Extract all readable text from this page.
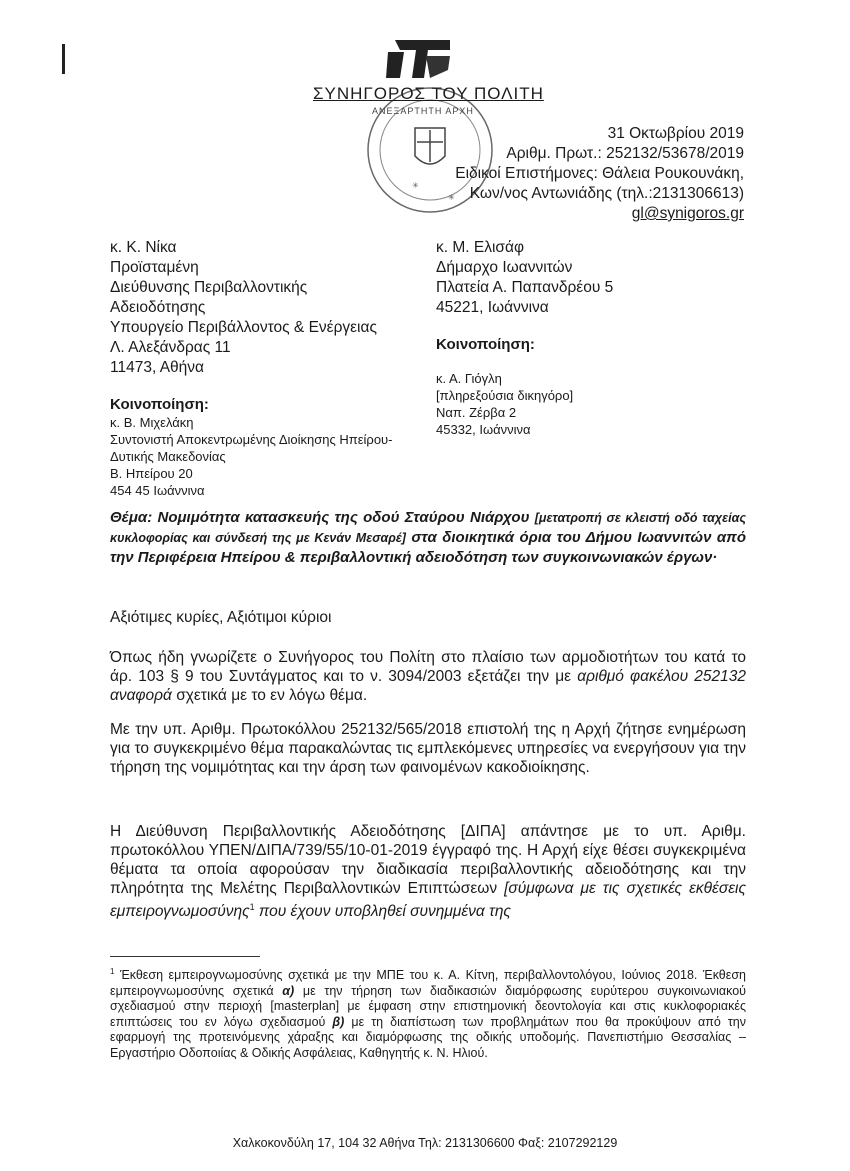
✳
✳
ΑΝΕΞΑΡΤΗΤΗ ΑΡΧΗ
ΣΥΝΗΓΟΡΟΣ ΤΟΥ ΠΟΛΙΤΗ
31 Οκτωβρίου 2019
Αριθμ. Πρωτ.: 252132/53678/2019
Ειδικοί Επιστήμονες: Θάλεια Ρουκουνάκη,
Κων/νος Αντωνιάδης (τηλ.:2131306613)
gl@synigoros.gr
κ. Κ. Νίκα
Προϊσταμένη
Διεύθυνσης Περιβαλλοντικής
Αδειοδότησης
Υπουργείο Περιβάλλοντος & Ενέργειας
Λ. Αλεξάνδρας 11
11473, Αθήνα
κ. Μ. Ελισάφ
Δήμαρχο Ιωαννιτών
Πλατεία Α. Παπανδρέου 5
45221, Ιωάννινα
Κοινοποίηση:
κ. Α. Γιόγλη
[πληρεξούσια δικηγόρο]
Ναπ. Ζέρβα 2
45332, Ιωάννινα
Κοινοποίηση:
κ. Β. Μιχελάκη
Συντονιστή Αποκεντρωμένης Διοίκησης Ηπείρου-
Δυτικής Μακεδονίας
Β. Ηπείρου 20
454 45 Ιωάννινα
Θέμα: Νομιμότητα κατασκευής της οδού Σταύρου Νιάρχου [μετατροπή σε κλειστή οδό ταχείας κυκλοφορίας και σύνδεσή της με Κενάν Μεσαρέ] στα διοικητικά όρια του Δήμου Ιωαννιτών από την Περιφέρεια Ηπείρου & περιβαλλοντική αδειοδότηση των συγκοινωνιακών έργων·
Αξιότιμες κυρίες, Αξιότιμοι κύριοι
Όπως ήδη γνωρίζετε ο Συνήγορος του Πολίτη στο πλαίσιο των αρμοδιοτήτων του κατά το άρ. 103 § 9 του Συντάγματος και το ν. 3094/2003 εξετάζει την με αριθμό φακέλου 252132 αναφορά σχετικά με το εν λόγω θέμα.
Με την υπ. Αριθμ. Πρωτοκόλλου 252132/565/2018 επιστολή της η Αρχή ζήτησε ενημέρωση για το συγκεκριμένο θέμα παρακαλώντας τις εμπλεκόμενες υπηρεσίες να ενεργήσουν για την τήρηση της νομιμότητας και την άρση των φαινομένων κακοδιοίκησης.
Η Διεύθυνση Περιβαλλοντικής Αδειοδότησης [ΔΙΠΑ] απάντησε με το υπ. Αριθμ. πρωτοκόλλου ΥΠΕΝ/ΔΙΠΑ/739/55/10-01-2019 έγγραφό της. Η Αρχή είχε θέσει συγκεκριμένα θέματα τα οποία αφορούσαν την διαδικασία περιβαλλοντικής αδειοδότησης και την πληρότητα της Μελέτης Περιβαλλοντικών Επιπτώσεων [σύμφωνα με τις σχετικές εκθέσεις εμπειρογνωμοσύνης$^1$ που έχουν υποβληθεί συνημμένα της
$^1$ Έκθεση εμπειρογνωμοσύνης σχετικά με την ΜΠΕ του κ. Α. Κίτνη, περιβαλλοντολόγου, Ιούνιος 2018. Έκθεση εμπειρογνωμοσύνης σχετικά α) με την τήρηση των διαδικασιών διαμόρφωσης ευρύτερου συγκοινωνιακού σχεδιασμού στην περιοχή [masterplan] με έμφαση στην επιστημονική δεοντολογία και στις κυκλοφοριακές επιπτώσεις του εν λόγω σχεδιασμού β) με τη διαπίστωση των προβλημάτων που θα προκύψουν από την εφαρμογή της προτεινόμενης χάραξης και διαμόρφωσης της οδικής υποδομής. Πανεπιστήμιο Θεσσαλίας – Εργαστήριο Οδοποιίας & Οδικής Ασφάλειας, Καθηγητής κ. Ν. Ηλιού.
Χαλκοκονδύλη 17, 104 32 Αθήνα Τηλ: 2131306600 Φαξ: 2107292129
